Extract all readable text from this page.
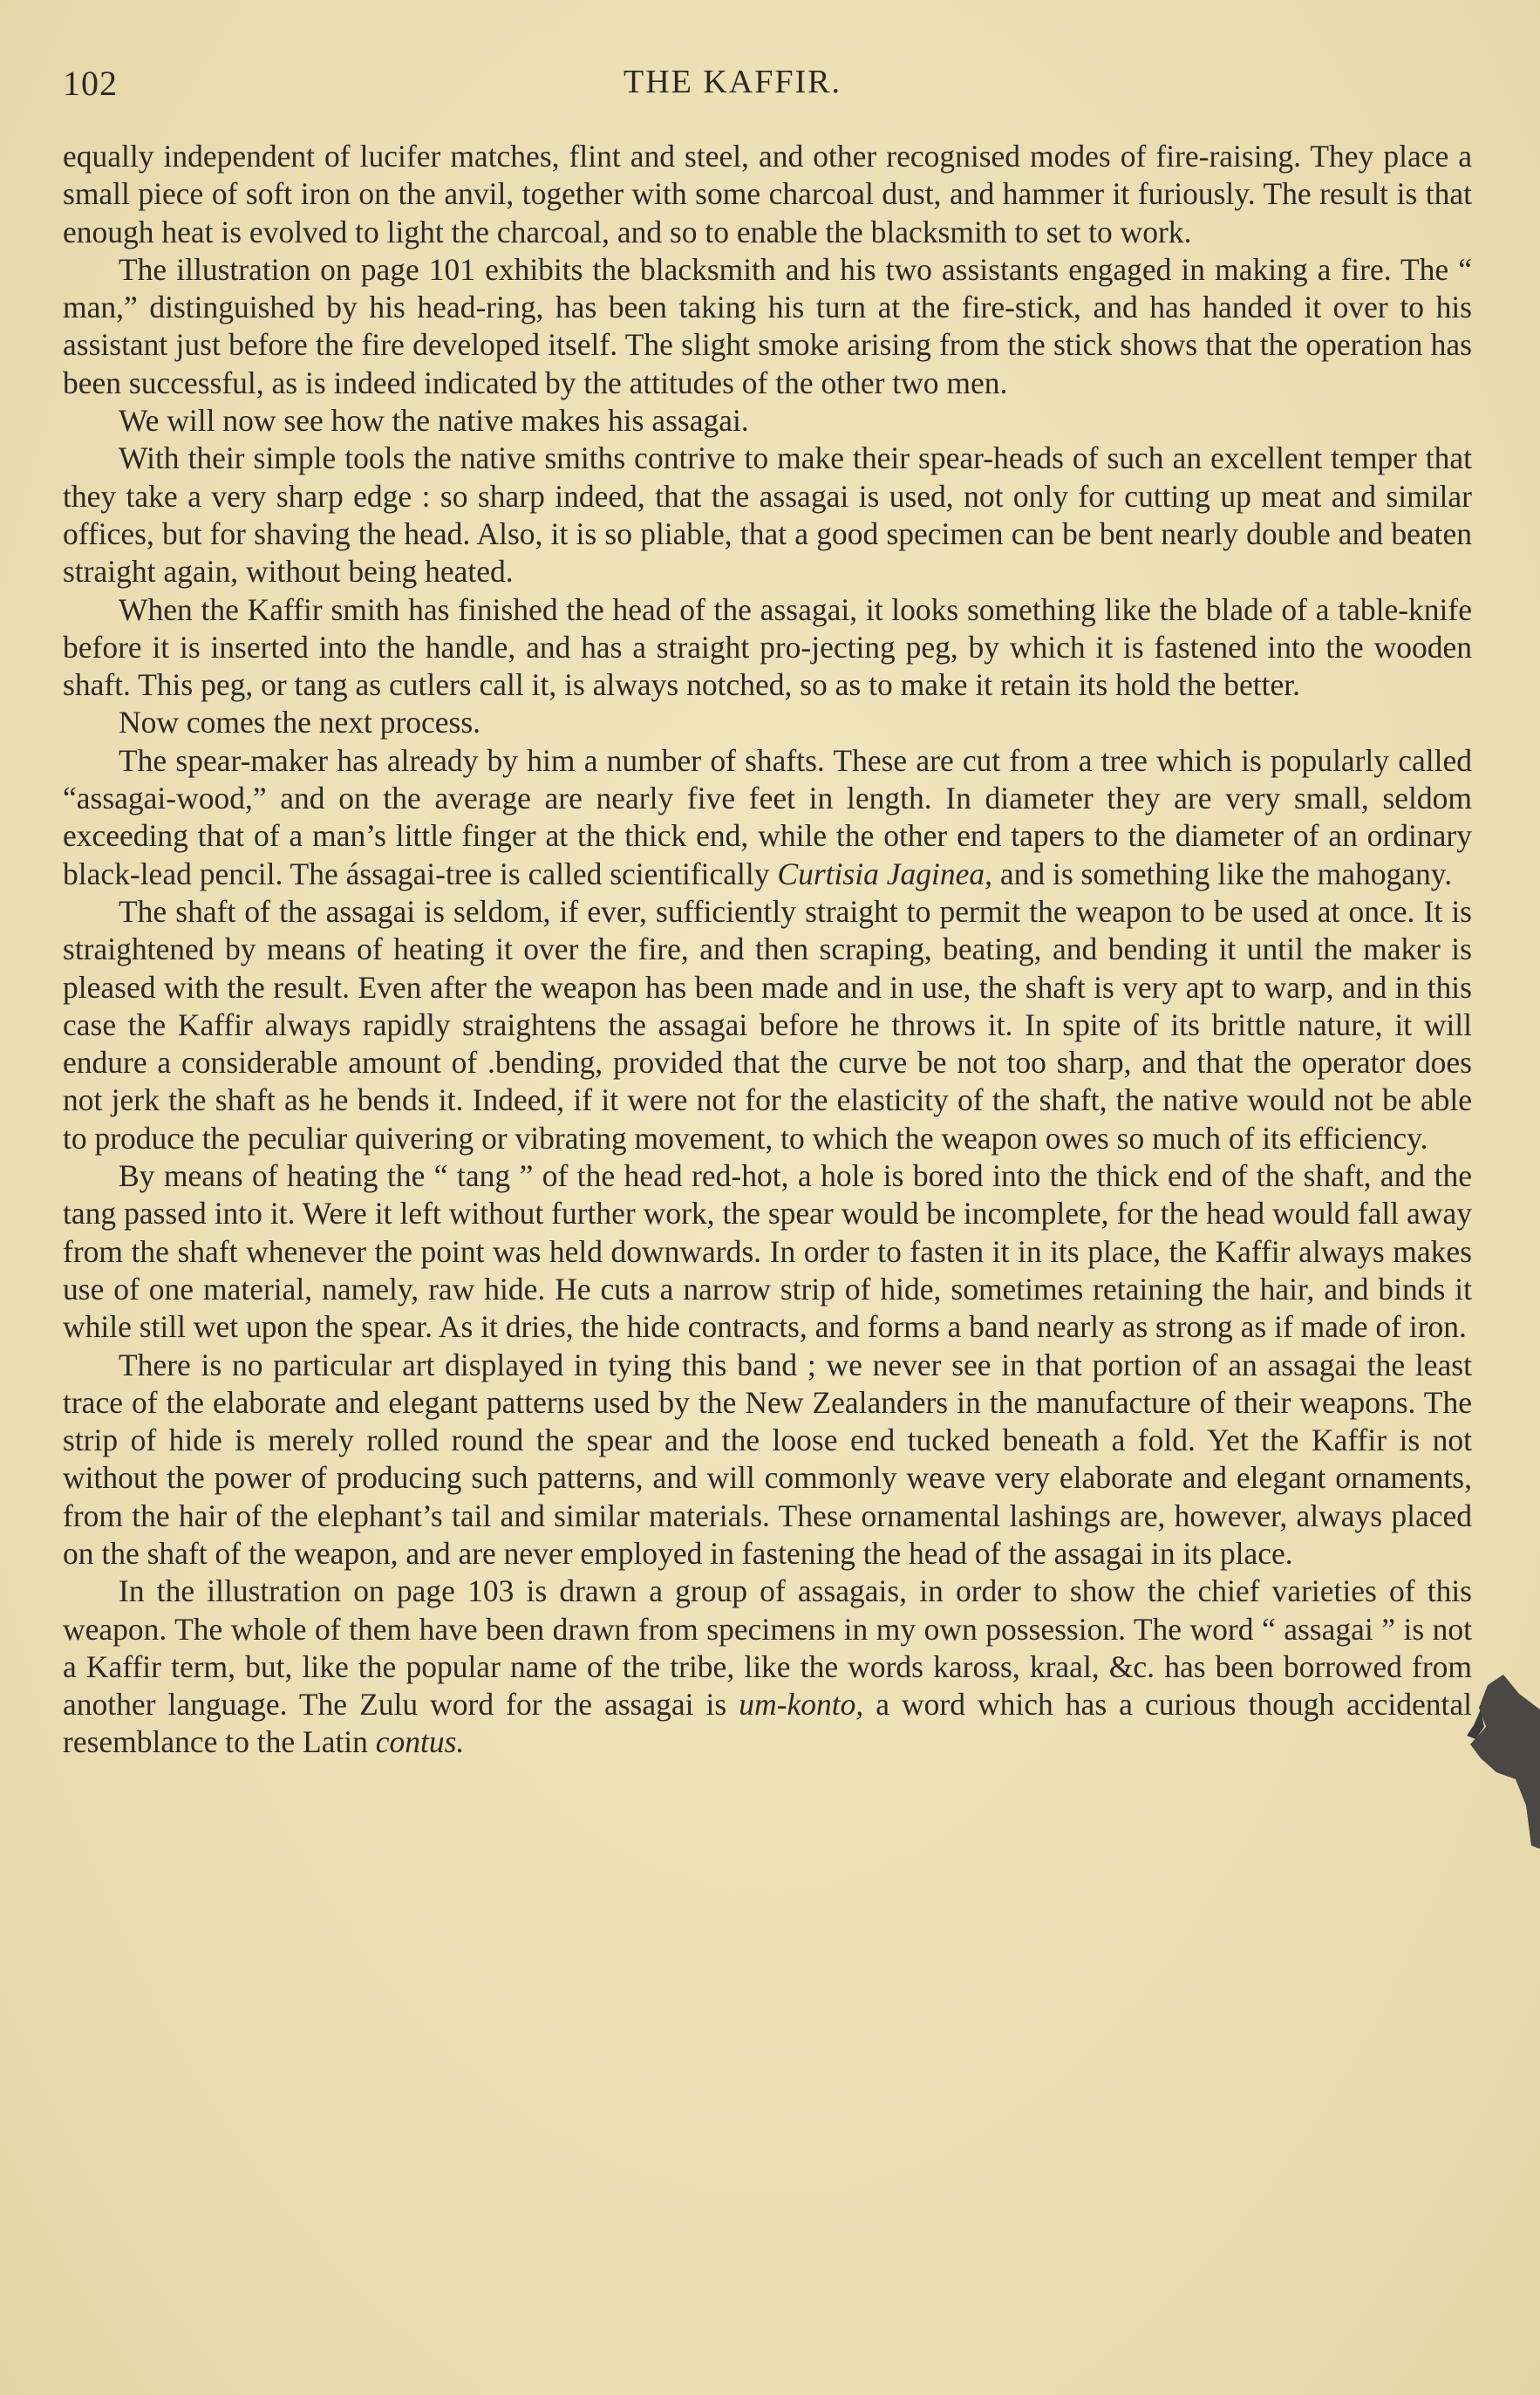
102	THE KAFFIR.

equally independent of lucifer matches, flint and steel, and other recognised modes of fire-raising. They place a small piece of soft iron on the anvil, together with some charcoal dust, and hammer it furiously. The result is that enough heat is evolved to light the charcoal, and so to enable the blacksmith to set to work.

The illustration on page 101 exhibits the blacksmith and his two assistants engaged in making a fire. The “ man,” distinguished by his head-ring, has been taking his turn at the fire-stick, and has handed it over to his assistant just before the fire developed itself. The slight smoke arising from the stick shows that the operation has been successful, as is indeed indicated by the attitudes of the other two men.

We will now see how the native makes his assagai.

With their simple tools the native smiths contrive to make their spear-heads of such an excellent temper that they take a very sharp edge : so sharp indeed, that the assagai is used, not only for cutting up meat and similar offices, but for shaving the head. Also, it is so pliable, that a good specimen can be bent nearly double and beaten straight again, without being heated.

When the Kaffir smith has finished the head of the assagai, it looks something like the blade of a table-knife before it is inserted into the handle, and has a straight pro-jecting peg, by which it is fastened into the wooden shaft. This peg, or tang as cutlers call it, is always notched, so as to make it retain its hold the better.

Now comes the next process.

The spear-maker has already by him a number of shafts. These are cut from a tree which is popularly called “assagai-wood,” and on the average are nearly five feet in length. In diameter they are very small, seldom exceeding that of a man’s little finger at the thick end, while the other end tapers to the diameter of an ordinary black-lead pencil. The ássagai-tree is called scientifically Curtisia Jaginea, and is something like the mahogany.

The shaft of the assagai is seldom, if ever, sufficiently straight to permit the weapon to be used at once. It is straightened by means of heating it over the fire, and then scraping, beating, and bending it until the maker is pleased with the result. Even after the weapon has been made and in use, the shaft is very apt to warp, and in this case the Kaffir always rapidly straightens the assagai before he throws it. In spite of its brittle nature, it will endure a considerable amount of .bending, provided that the curve be not too sharp, and that the operator does not jerk the shaft as he bends it. Indeed, if it were not for the elasticity of the shaft, the native would not be able to produce the peculiar quivering or vibrating movement, to which the weapon owes so much of its efficiency.

By means of heating the “ tang ” of the head red-hot, a hole is bored into the thick end of the shaft, and the tang passed into it. Were it left without further work, the spear would be incomplete, for the head would fall away from the shaft whenever the point was held downwards. In order to fasten it in its place, the Kaffir always makes use of one material, namely, raw hide. He cuts a narrow strip of hide, sometimes retaining the hair, and binds it while still wet upon the spear. As it dries, the hide contracts, and forms a band nearly as strong as if made of iron.

There is no particular art displayed in tying this band ; we never see in that portion of an assagai the least trace of the elaborate and elegant patterns used by the New Zealanders in the manufacture of their weapons. The strip of hide is merely rolled round the spear and the loose end tucked beneath a fold. Yet the Kaffir is not without the power of producing such patterns, and will commonly weave very elaborate and elegant ornaments, from the hair of the elephant’s tail and similar materials. These ornamental lashings are, however, always placed on the shaft of the weapon, and are never employed in fastening the head of the assagai in its place.

In the illustration on page 103 is drawn a group of assagais, in order to show the chief varieties of this weapon. The whole of them have been drawn from specimens in my own possession. The word “ assagai ” is not a Kaffir term, but, like the popular name of the tribe, like the words kaross, kraal, &c. has been borrowed from another language. The Zulu word for the assagai is um-konto, a word which has a curious though accidental resemblance to the Latin contus.
